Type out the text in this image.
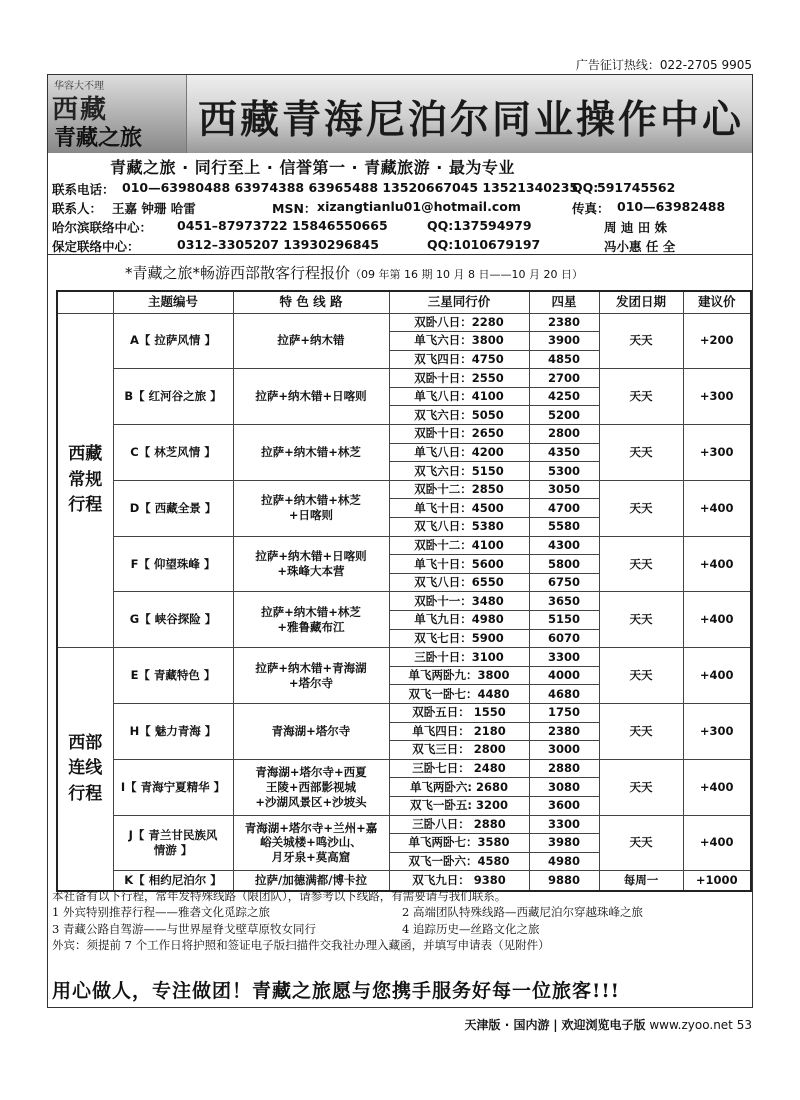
广告征订热线：022-2705 9905
华容大不理
西藏
青藏之旅 西藏青海尼泊尔同业操作中心
青藏之旅 · 同行至上 · 信誉第一 · 青藏旅游 · 最为专业
联系电话： 010—63980488 63974388 63965488 13520667045 13521340235
QQ:
591745562
联系人： 王嘉 钟珊 哈雷	MSN： xizangtianlu01@hotmail.com	传真： 010—63982488
哈尔滨联络中心： 0451–87973722 15846550665	QQ:137594979	周 迪 田 姝
保定联络中心：	0312–3305207 13930296845	QQ:1010679197	冯小惠 任 全
*青藏之旅*畅游西部散客行程报价（09 年第 16 期 10 月 8 日——10 月 20 日）
	主题编号	特 色 线 路	三星同行价	四星	发团日期	建议价
西藏
常规
行程	A【 拉萨风情 】	拉萨+纳木错	双卧八日：2280	2380	天天	+200
			单飞六日：3800	3900		
			双飞四日：4750	4850		
	B【 红河谷之旅 】	拉萨+纳木错+日喀则	双卧十日：2550	2700	天天	+300
			单飞八日：4100	4250		
			双飞六日：5050	5200		
	C【 林芝风情 】	拉萨+纳木错+林芝	双卧十日：2650	2800	天天	+300
			单飞八日：4200	4350		
			双飞六日：5150	5300		
	D【 西藏全景 】	拉萨+纳木错+林芝
+日喀则	双卧十二：2850	3050	天天	+400
			单飞十日：4500	4700		
			双飞八日：5380	5580		
	F【 仰望珠峰 】	拉萨+纳木错+日喀则
+珠峰大本营	双卧十二：4100	4300	天天	+400
			单飞十日：5600	5800		
			双飞八日：6550	6750		
	G【 峡谷探险 】	拉萨+纳木错+林芝
+雅鲁藏布江	双卧十一：3480	3650	天天	+400
			单飞九日：4980	5150		
			双飞七日：5900	6070		
西部
连线
行程	E【 青藏特色 】	拉萨+纳木错+青海湖
+塔尔寺	三卧十日：3100	3300	天天	+400
			单飞两卧九：3800	4000		
			双飞一卧七：4480	4680		
	H【 魅力青海 】	青海湖+塔尔寺	双卧五日： 1550	1750	天天	+300
			单飞四日： 2180	2380		
			双飞三日： 2800	3000		
	I【 青海宁夏精华 】	青海湖+塔尔寺+西夏
王陵+西部影视城
+沙湖风景区+沙坡头	三卧七日： 2480	2880	天天	+400
			单飞两卧六: 2680	3080		
			双飞一卧五: 3200	3600		
	J【 青兰甘民族风
情游 】	青海湖+塔尔寺+兰州+嘉
峪关城楼+鸣沙山、
月牙泉+莫高窟	三卧八日： 2880	3300	天天	+400
			单飞两卧七：3580	3980		
			双飞一卧六：4580	4980		
	K【 相约尼泊尔 】	拉萨/加德满都/博卡拉	双飞九日： 9380	9880	每周一	+1000
本社备有以下行程，常年发特殊线路（限团队），请参考以下线路，有需要请与我们联系。
1 外宾特别推荐行程——雅砻文化觅踪之旅	2 高端团队特殊线路—西藏尼泊尔穿越珠峰之旅
3 青藏公路自驾游——与世界屋脊戈壁草原牧女同行	4 追踪历史—丝路文化之旅
外宾：须提前 7 个工作日将护照和签证电子版扫描件交我社办理入藏函，并填写申请表（见附件）
用心做人，专注做团！青藏之旅愿与您携手服务好每一位旅客!!!
天津版 · 国内游 | 欢迎浏览电子版 www.zyoo.net 53
